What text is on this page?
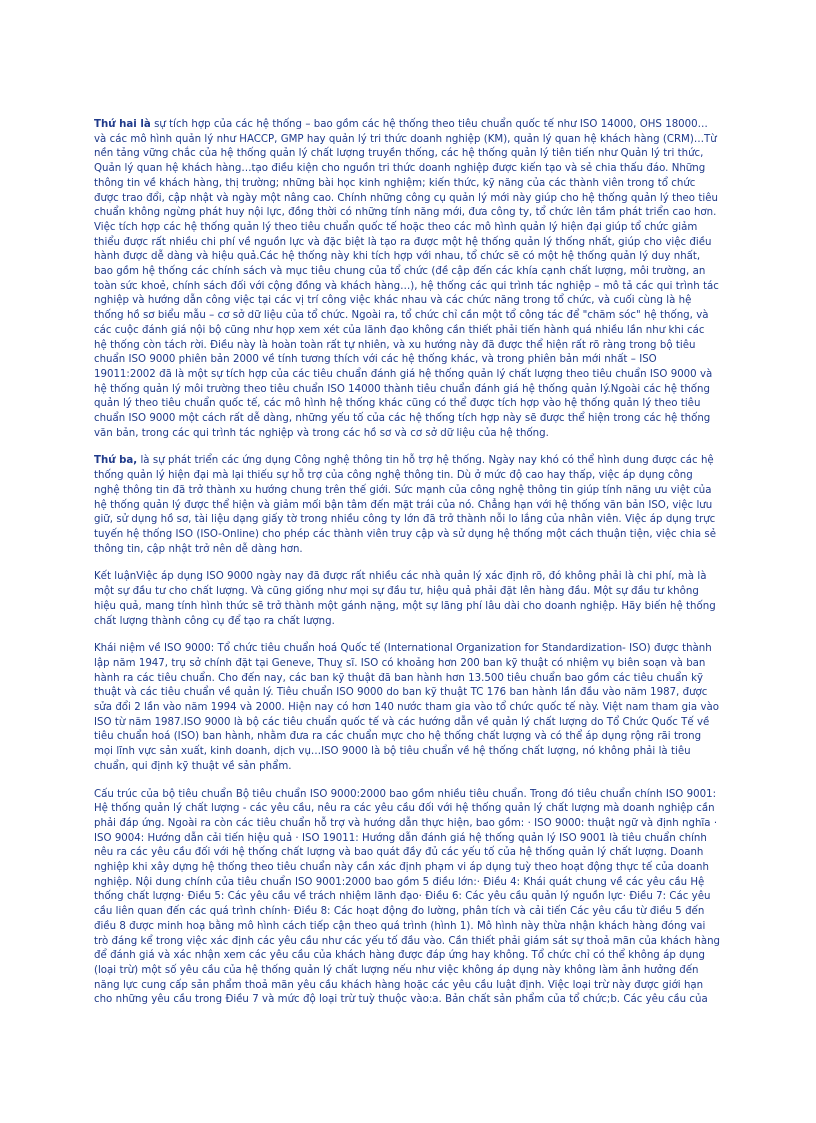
Thứ hai là sự tích hợp của các hệ thống – bao gồm các hệ thống theo tiêu chuẩn quốc tế như ISO 14000, OHS 18000… và các mô hình quản lý như HACCP, GMP hay quản lý tri thức doanh nghiệp (KM), quản lý quan hệ khách hàng (CRM)…Từ nền tảng vững chắc của hệ thống quản lý chất lượng truyền thống, các hệ thống quản lý tiên tiến như Quản lý tri thức, Quản lý quan hệ khách hàng…tạo điều kiện cho nguồn tri thức doanh nghiệp được kiến tạo và sẻ chia thấu đáo. Những thông tin về khách hàng, thị trường; những bài học kinh nghiệm; kiến thức, kỹ năng của các thành viên trong tổ chức được trao đổi, cập nhật và ngày một nâng cao. Chính những công cụ quản lý mới này giúp cho hệ thống quản lý theo tiêu chuẩn không ngừng phát huy nội lực, đồng thời có những tính năng mới, đưa công ty, tổ chức lên tầm phát triển cao hơn. Việc tích hợp các hệ thống quản lý theo tiêu chuẩn quốc tế hoặc theo các mô hình quản lý hiện đại giúp tổ chức giảm thiểu được rất nhiều chi phí về nguồn lực và đặc biệt là tạo ra được một hệ thống quản lý thống nhất, giúp cho việc điều hành được dễ dàng và hiệu quả.Các hệ thống này khi tích hợp với nhau, tổ chức sẽ có một hệ thống quản lý duy nhất, bao gồm hệ thống các chính sách và mục tiêu chung của tổ chức (đề cập đến các khía cạnh chất lượng, môi trường, an toàn sức khoẻ, chính sách đối với cộng đồng và khách hàng…), hệ thống các qui trình tác nghiệp – mô tả các qui trình tác nghiệp và hướng dẫn công việc tại các vị trí công việc khác nhau và các chức năng trong tổ chức, và cuối cùng là hệ thống hồ sơ biểu mẫu – cơ sở dữ liệu của tổ chức. Ngoài ra, tổ chức chỉ cần một tổ công tác để "chăm sóc" hệ thống, và các cuộc đánh giá nội bộ cũng như họp xem xét của lãnh đạo không cần thiết phải tiến hành quá nhiều lần như khi các hệ thống còn tách rời. Điều này là hoàn toàn rất tự nhiên, và xu hướng này đã được thể hiện rất rõ ràng trong bộ tiêu chuẩn ISO 9000 phiên bản 2000 về tính tương thích với các hệ thống khác, và trong phiên bản mới nhất – ISO 19011:2002 đã là một sự tích hợp của các tiêu chuẩn đánh giá hệ thống quản lý chất lượng theo tiêu chuẩn ISO 9000 và hệ thống quản lý môi trường theo tiêu chuẩn ISO 14000 thành tiêu chuẩn đánh giá hệ thống quản lý.Ngoài các hệ thống quản lý theo tiêu chuẩn quốc tế, các mô hình hệ thống khác cũng có thể được tích hợp vào hệ thống quản lý theo tiêu chuẩn ISO 9000 một cách rất dễ dàng, những yếu tố của các hệ thống tích hợp này sẽ được thể hiện trong các hệ thống văn bản, trong các qui trình tác nghiệp và trong các hồ sơ và cơ sở dữ liệu của hệ thống.

Thứ ba, là sự phát triển các ứng dụng Công nghệ thông tin hỗ trợ hệ thống. Ngày nay khó có thể hình dung được các hệ thống quản lý hiện đại mà lại thiếu sự hỗ trợ của công nghệ thông tin. Dù ở mức độ cao hay thấp, việc áp dụng công nghệ thông tin đã trở thành xu hướng chung trên thế giới. Sức mạnh của công nghệ thông tin giúp tính năng ưu việt của hệ thống quản lý được thể hiện và giảm mối bận tâm đến mặt trái của nó. Chẳng hạn với hệ thống văn bản ISO, việc lưu giữ, sử dụng hồ sơ, tài liệu dạng giấy tờ trong nhiều công ty lớn đã trở thành nỗi lo lắng của nhân viên. Việc áp dụng trực tuyến hệ thống ISO (ISO-Online) cho phép các thành viên truy cập và sử dụng hệ thống một cách thuận tiện, việc chia sẻ thông tin, cập nhật trở nên dễ dàng hơn.

Kết luậnViệc áp dụng ISO 9000 ngày nay đã được rất nhiều các nhà quản lý xác định rõ, đó không phải là chi phí, mà là một sự đầu tư cho chất lượng. Và cũng giống như mọi sự đầu tư, hiệu quả phải đặt lên hàng đầu. Một sự đầu tư không hiệu quả, mang tính hình thức sẽ trở thành một gánh nặng, một sự lãng phí lâu dài cho doanh nghiệp. Hãy biến hệ thống chất lượng thành công cụ để tạo ra chất lượng.

Khái niệm về ISO 9000: Tổ chức tiêu chuẩn hoá Quốc tế (International Organization for Standardization- ISO) được thành lập năm 1947, trụ sở chính đặt tại Geneve, Thuỵ sĩ. ISO có khoảng hơn 200 ban kỹ thuật có nhiệm vụ biên soạn và ban hành ra các tiêu chuẩn. Cho đến nay, các ban kỹ thuật đã ban hành hơn 13.500 tiêu chuẩn bao gồm các tiêu chuẩn kỹ thuật và các tiêu chuẩn về quản lý. Tiêu chuẩn ISO 9000 do ban kỹ thuật TC 176 ban hành lần đầu vào năm 1987, được sửa đổi 2 lần vào năm 1994 và 2000. Hiện nay có hơn 140 nước tham gia vào tổ chức quốc tế này. Việt nam tham gia vào ISO từ năm 1987.ISO 9000 là bộ các tiêu chuẩn quốc tế và các hướng dẫn về quản lý chất lượng do Tổ Chức Quốc Tế về tiêu chuẩn hoá (ISO) ban hành, nhằm đưa ra các chuẩn mực cho hệ thống chất lượng và có thể áp dụng rộng rãi trong mọi lĩnh vực sản xuất, kinh doanh, dịch vụ…ISO 9000 là bộ tiêu chuẩn về hệ thống chất lượng, nó không phải là tiêu chuẩn, qui định kỹ thuật về sản phẩm.

Cấu trúc của bộ tiêu chuẩn Bộ tiêu chuẩn ISO 9000:2000 bao gồm nhiều tiêu chuẩn. Trong đó tiêu chuẩn chính ISO 9001: Hệ thống quản lý chất lượng - các yêu cầu, nêu ra các yêu cầu đối với hệ thống quản lý chất lượng mà doanh nghiệp cần phải đáp ứng. Ngoài ra còn các tiêu chuẩn hỗ trợ và hướng dẫn thực hiện, bao gồm: · ISO 9000: thuật ngữ và định nghĩa · ISO 9004: Hướng dẫn cải tiến hiệu quả · ISO 19011: Hướng dẫn đánh giá hệ thống quản lý ISO 9001 là tiêu chuẩn chính nêu ra các yêu cầu đối với hệ thống chất lượng và bao quát đầy đủ các yếu tố của hệ thống quản lý chất lượng. Doanh nghiệp khi xây dựng hệ thống theo tiêu chuẩn này cần xác định phạm vi áp dụng tuỳ theo hoạt động thực tế của doanh nghiệp. Nội dung chính của tiêu chuẩn ISO 9001:2000 bao gồm 5 điều lớn:· Điều 4: Khái quát chung về các yêu cầu Hệ thống chất lượng· Điều 5: Các yêu cầu về trách nhiệm lãnh đạo· Điều 6: Các yêu cầu quản lý nguồn lực· Điều 7: Các yêu cầu liên quan đến các quá trình chính· Điều 8: Các hoạt động đo lường, phân tích và cải tiến Các yêu cầu từ điều 5 đến điều 8 được minh hoạ bằng mô hình cách tiếp cận theo quá trình (hình 1). Mô hình này thừa nhận khách hàng đóng vai trò đáng kể trong việc xác định các yêu cầu như các yếu tố đầu vào. Cần thiết phải giám sát sự thoả mãn của khách hàng để đánh giá và xác nhận xem các yêu cầu của khách hàng được đáp ứng hay không. Tổ chức chỉ có thể không áp dụng (loại trừ) một số yêu cầu của hệ thống quản lý chất lượng nếu như việc không áp dụng này không làm ảnh hưởng đến năng lực cung cấp sản phẩm thoả mãn yêu cầu khách hàng hoặc các yêu cầu luật định. Việc loại trừ này được giới hạn cho những yêu cầu trong Điều 7 và mức độ loại trừ tuỳ thuộc vào:a. Bản chất sản phẩm của tổ chức;b. Các yêu cầu của
